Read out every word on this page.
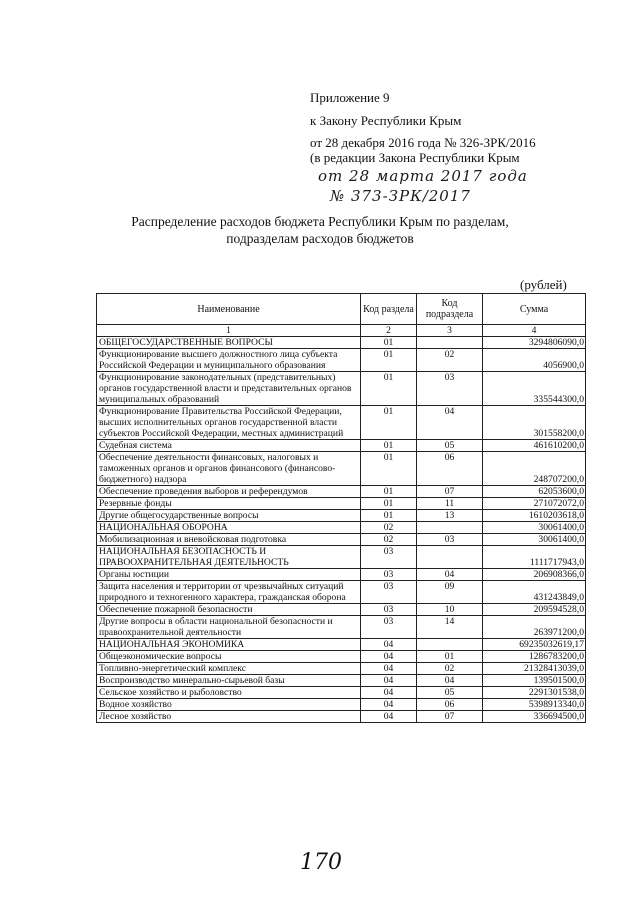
Приложение 9
к Закону Республики Крым
от 28 декабря 2016 года № 326-ЗРК/2016
(в редакции Закона Республики Крым
от 28 марта 2017 года
№ 373-ЗРК/2017
Распределение расходов бюджета Республики Крым по разделам,
подразделам расходов бюджетов
(рублей)
Наименование	Код раздела	Код подраздела	Сумма
1	2	3	4
ОБЩЕГОСУДАРСТВЕННЫЕ ВОПРОСЫ	01		3294806090,0
Функционирование высшего должностного лица субъекта Российской Федерации и муниципального образования	01	02	4056900,0
Функционирование законодательных (представительных) органов государственной власти и представительных органов муниципальных образований	01	03	335544300,0
Функционирование Правительства Российской Федерации, высших исполнительных органов государственной власти субъектов Российской Федерации, местных администраций	01	04	301558200,0
Судебная система	01	05	461610200,0
Обеспечение деятельности финансовых, налоговых и таможенных органов и органов финансового (финансово-бюджетного) надзора	01	06	248707200,0
Обеспечение проведения выборов и референдумов	01	07	62053600,0
Резервные фонды	01	11	271072072,0
Другие общегосударственные вопросы	01	13	1610203618,0
НАЦИОНАЛЬНАЯ ОБОРОНА	02		30061400,0
Мобилизационная и вневойсковая подготовка	02	03	30061400,0
НАЦИОНАЛЬНАЯ БЕЗОПАСНОСТЬ И ПРАВООХРАНИТЕЛЬНАЯ ДЕЯТЕЛЬНОСТЬ	03		1111717943,0
Органы юстиции	03	04	206908366,0
Защита населения и территории от чрезвычайных ситуаций природного и техногенного характера, гражданская оборона	03	09	431243849,0
Обеспечение пожарной безопасности	03	10	209594528,0
Другие вопросы в области национальной безопасности и правоохранительной деятельности	03	14	263971200,0
НАЦИОНАЛЬНАЯ ЭКОНОМИКА	04		69235032619,17
Общеэкономические вопросы	04	01	1286783200,0
Топливно-энергетический комплекс	04	02	21328413039,0
Воспроизводство минерально-сырьевой базы	04	04	139501500,0
Сельское хозяйство и рыболовство	04	05	2291301538,0
Водное хозяйство	04	06	5398913340,0
Лесное хозяйство	04	07	336694500,0
170
